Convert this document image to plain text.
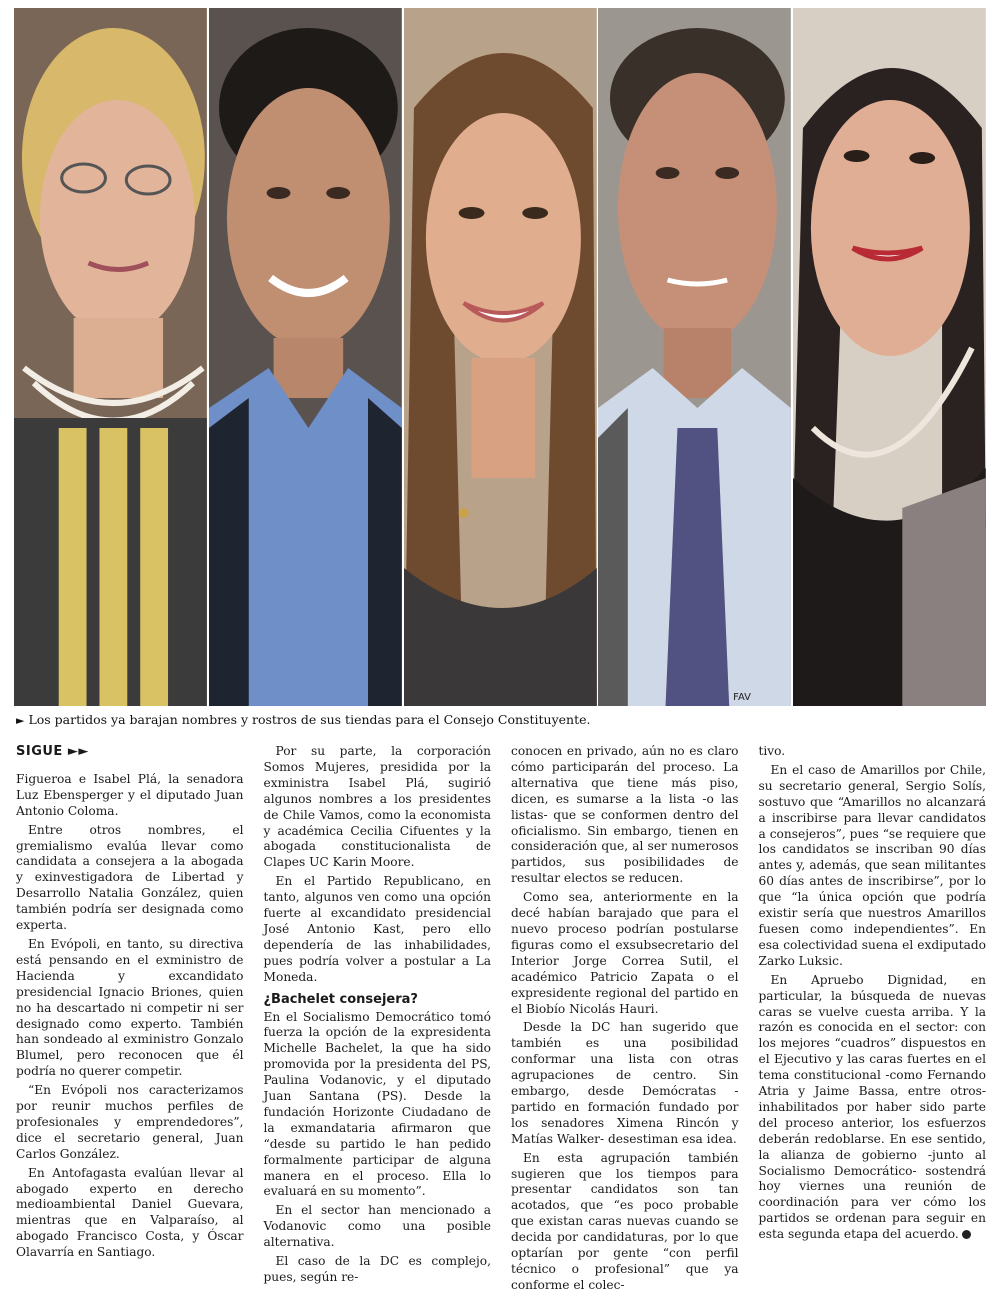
FAV
► Los partidos ya barajan nombres y rostros de sus tiendas para el Consejo Constituyente.
SIGUE ►►

Figueroa e Isabel Plá, la senadora Luz Ebensperger y el diputado Juan Antonio Coloma.

Entre otros nombres, el gremialismo evalúa llevar como candidata a consejera a la abogada y exinvestigadora de Libertad y Desarrollo Natalia González, quien también podría ser designada como experta.

En Evópoli, en tanto, su directiva está pensando en el exministro de Hacienda y excandidato presidencial Ignacio Briones, quien no ha descartado ni competir ni ser designado como experto. También han sondeado al exministro Gonzalo Blumel, pero reconocen que él podría no querer competir.

“En Evópoli nos caracterizamos por reunir muchos perfiles de profesionales y emprendedores”, dice el secretario general, Juan Carlos González.

En Antofagasta evalúan llevar al abogado experto en derecho medioambiental Daniel Guevara, mientras que en Valparaíso, al abogado Francisco Costa, y Óscar Olavarría en Santiago.

Por su parte, la corporación Somos Mujeres, presidida por la exministra Isabel Plá, sugirió algunos nombres a los presidentes de Chile Vamos, como la economista y académica Cecilia Cifuentes y la abogada constitucionalista de Clapes UC Karin Moore.

En el Partido Republicano, en tanto, algunos ven como una opción fuerte al excandidato presidencial José Antonio Kast, pero ello dependería de las inhabilidades, pues podría volver a postular a La Moneda.

¿Bachelet consejera?

En el Socialismo Democrático tomó fuerza la opción de la expresidenta Michelle Bachelet, la que ha sido promovida por la presidenta del PS, Paulina Vodanovic, y el diputado Juan Santana (PS). Desde la fundación Horizonte Ciudadano de la exmandataria afirmaron que “desde su partido le han pedido formalmente participar de alguna manera en el proceso. Ella lo evaluará en su momento”.

En el sector han mencionado a Vodanovic como una posible alternativa.

El caso de la DC es complejo, pues, según re-

conocen en privado, aún no es claro cómo participarán del proceso. La alternativa que tiene más piso, dicen, es sumarse a la lista -o las listas- que se conformen dentro del oficialismo. Sin embargo, tienen en consideración que, al ser numerosos partidos, sus posibilidades de resultar electos se reducen.

Como sea, anteriormente en la decé habían barajado que para el nuevo proceso podrían postularse figuras como el exsubsecretario del Interior Jorge Correa Sutil, el académico Patricio Zapata o el expresidente regional del partido en el Biobío Nicolás Hauri.

Desde la DC han sugerido que también es una posibilidad conformar una lista con otras agrupaciones de centro. Sin embargo, desde Demócratas -partido en formación fundado por los senadores Ximena Rincón y Matías Walker- desestiman esa idea.

En esta agrupación también sugieren que los tiempos para presentar candidatos son tan acotados, que “es poco probable que existan caras nuevas cuando se decida por candidaturas, por lo que optarían por gente “con perfil técnico o profesional” que ya conforme el colec-

tivo.

En el caso de Amarillos por Chile, su secretario general, Sergio Solís, sostuvo que “Amarillos no alcanzará a inscribirse para llevar candidatos a consejeros”, pues “se requiere que los candidatos se inscriban 90 días antes y, además, que sean militantes 60 días antes de inscribirse”, por lo que “la única opción que podría existir sería que nuestros Amarillos fuesen como independientes”. En esa colectividad suena el exdiputado Zarko Luksic.

En Apruebo Dignidad, en particular, la búsqueda de nuevas caras se vuelve cuesta arriba. Y la razón es conocida en el sector: con los mejores “cuadros” dispuestos en el Ejecutivo y las caras fuertes en el tema constitucional -como Fernando Atria y Jaime Bassa, entre otros- inhabilitados por haber sido parte del proceso anterior, los esfuerzos deberán redoblarse. En ese sentido, la alianza de gobierno -junto al Socialismo Democrático- sostendrá hoy viernes una reunión de coordinación para ver cómo los partidos se ordenan para seguir en esta segunda etapa del acuerdo.
